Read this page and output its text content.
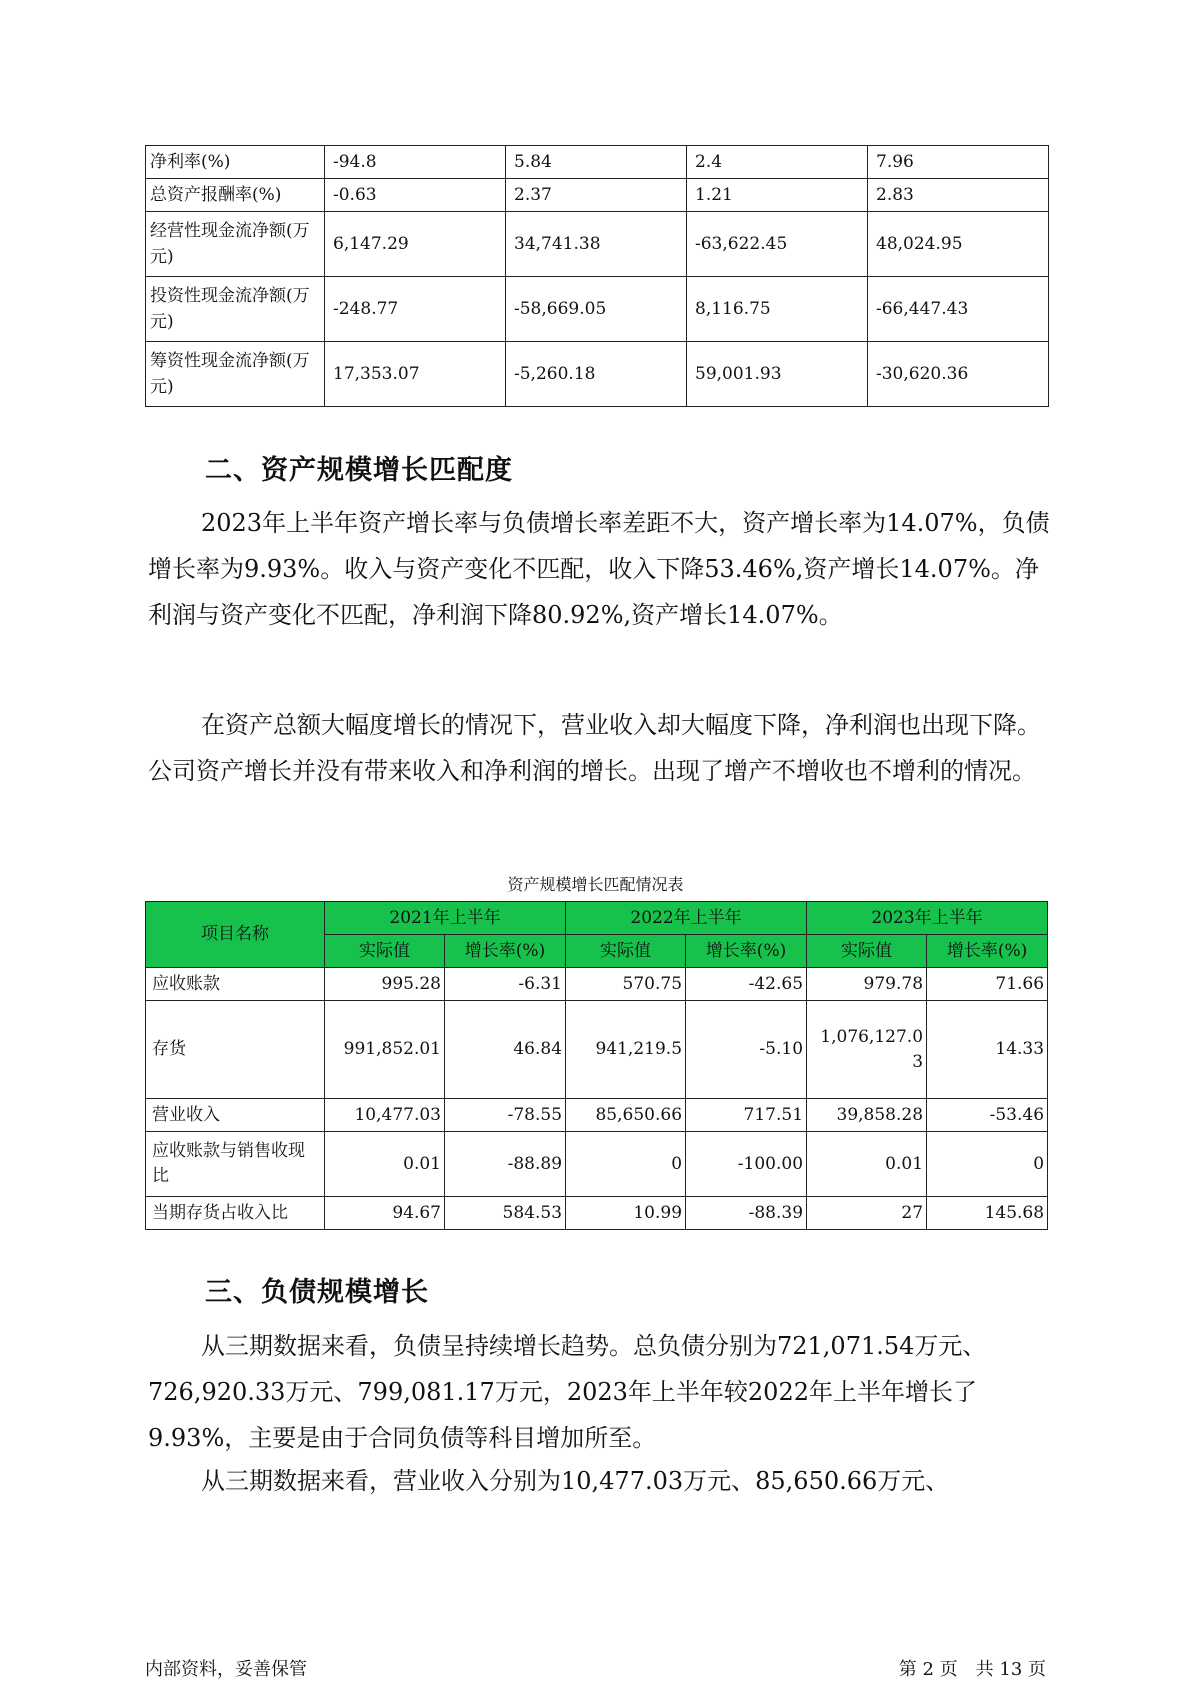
净利率(%)	-94.8	5.84	2.4	7.96
总资产报酬率(%)	-0.63	2.37	1.21	2.83
经营性现金流净额(万元)	6,147.29	34,741.38	-63,622.45	48,024.95
投资性现金流净额(万元)	-248.77	-58,669.05	8,116.75	-66,447.43
筹资性现金流净额(万元)	17,353.07	-5,260.18	59,001.93	-30,620.36
二、资产规模增长匹配度

2023年上半年资产增长率与负债增长率差距不大，资产增长率为14.07%，负债增长率为9.93%。收入与资产变化不匹配，收入下降53.46%,资产增长14.07%。净利润与资产变化不匹配，净利润下降80.92%,资产增长14.07%。

在资产总额大幅度增长的情况下，营业收入却大幅度下降，净利润也出现下降。公司资产增长并没有带来收入和净利润的增长。出现了增产不增收也不增利的情况。

资产规模增长匹配情况表

项目名称	2021年上半年		2022年上半年		2023年上半年	
	实际值	增长率(%)	实际值	增长率(%)	实际值	增长率(%)
应收账款	995.28	-6.31	570.75	-42.65	979.78	71.66
存货	991,852.01	46.84	941,219.5	-5.10	1,076,127.03	14.33
营业收入	10,477.03	-78.55	85,650.66	717.51	39,858.28	-53.46
应收账款与销售收现比	0.01	-88.89	0	-100.00	0.01	0
当期存货占收入比	94.67	584.53	10.99	-88.39	27	145.68
三、负债规模增长

从三期数据来看，负债呈持续增长趋势。总负债分别为721,071.54万元、726,920.33万元、799,081.17万元，2023年上半年较2022年上半年增长了9.93%，主要是由于合同负债等科目增加所至。

从三期数据来看，营业收入分别为10,477.03万元、85,650.66万元、

内部资料，妥善保管	第 2 页　共 13 页
